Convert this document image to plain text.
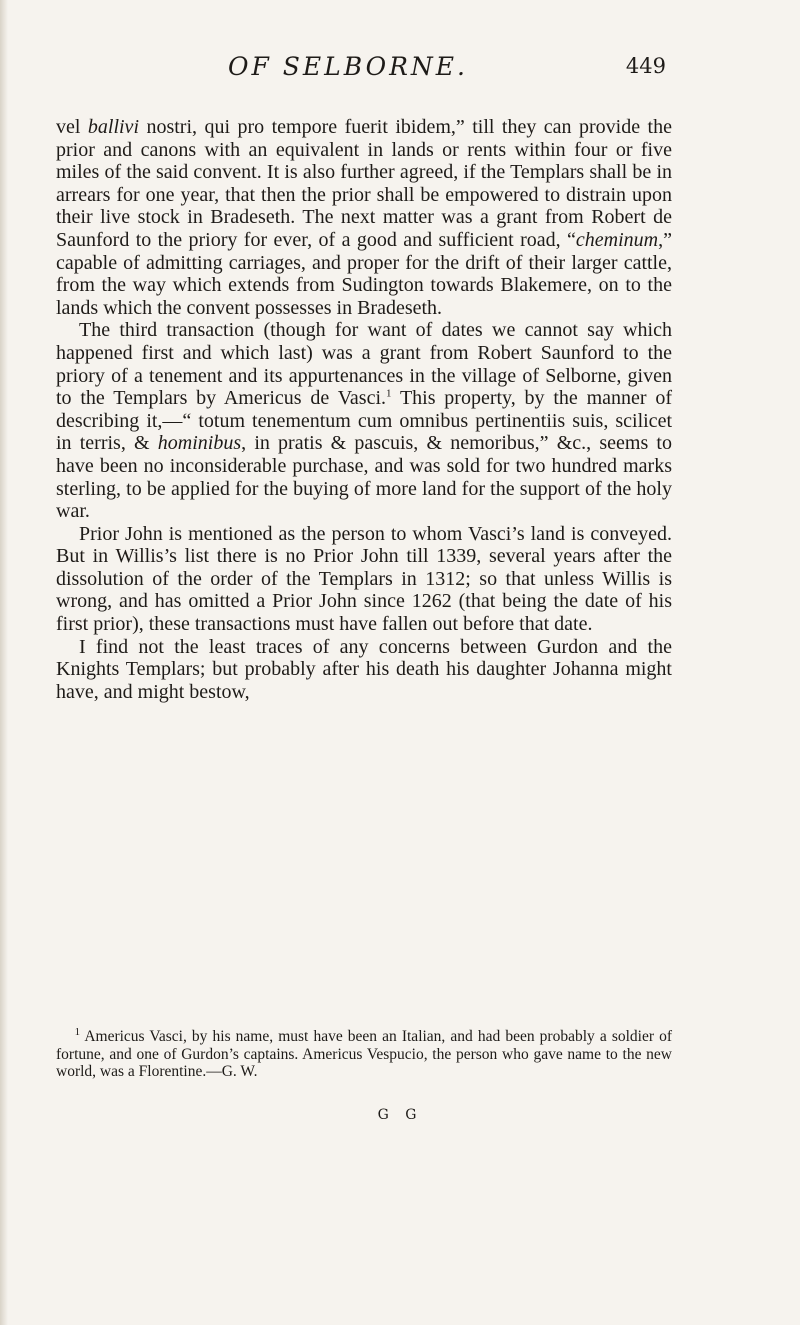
OF SELBORNE.	449

vel ballivi nostri, qui pro tempore fuerit ibidem,” till they can provide the prior and canons with an equivalent in lands or rents within four or five miles of the said convent. It is also further agreed, if the Templars shall be in arrears for one year, that then the prior shall be empowered to distrain upon their live stock in Bradeseth. The next matter was a grant from Robert de Saunford to the priory for ever, of a good and sufficient road, “cheminum,” capable of admitting carriages, and proper for the drift of their larger cattle, from the way which extends from Sudington towards Blakemere, on to the lands which the convent possesses in Bradeseth.

The third transaction (though for want of dates we cannot say which happened first and which last) was a grant from Robert Saunford to the priory of a tenement and its appurtenances in the village of Selborne, given to the Templars by Americus de Vasci.$^1$ This property, by the manner of describing it,—“ totum tenementum cum omnibus pertinentiis suis, scilicet in terris, & hominibus, in pratis & pascuis, & nemoribus,” &c., seems to have been no inconsiderable purchase, and was sold for two hundred marks sterling, to be applied for the buying of more land for the support of the holy war.

Prior John is mentioned as the person to whom Vasci’s land is conveyed. But in Willis’s list there is no Prior John till 1339, several years after the dissolution of the order of the Templars in 1312; so that unless Willis is wrong, and has omitted a Prior John since 1262 (that being the date of his first prior), these transactions must have fallen out before that date.

I find not the least traces of any concerns between Gurdon and the Knights Templars; but probably after his death his daughter Johanna might have, and might bestow,

$^1$ Americus Vasci, by his name, must have been an Italian, and had been probably a soldier of fortune, and one of Gurdon’s captains. Americus Vespucio, the person who gave name to the new world, was a Florentine.—G. W.

G G
